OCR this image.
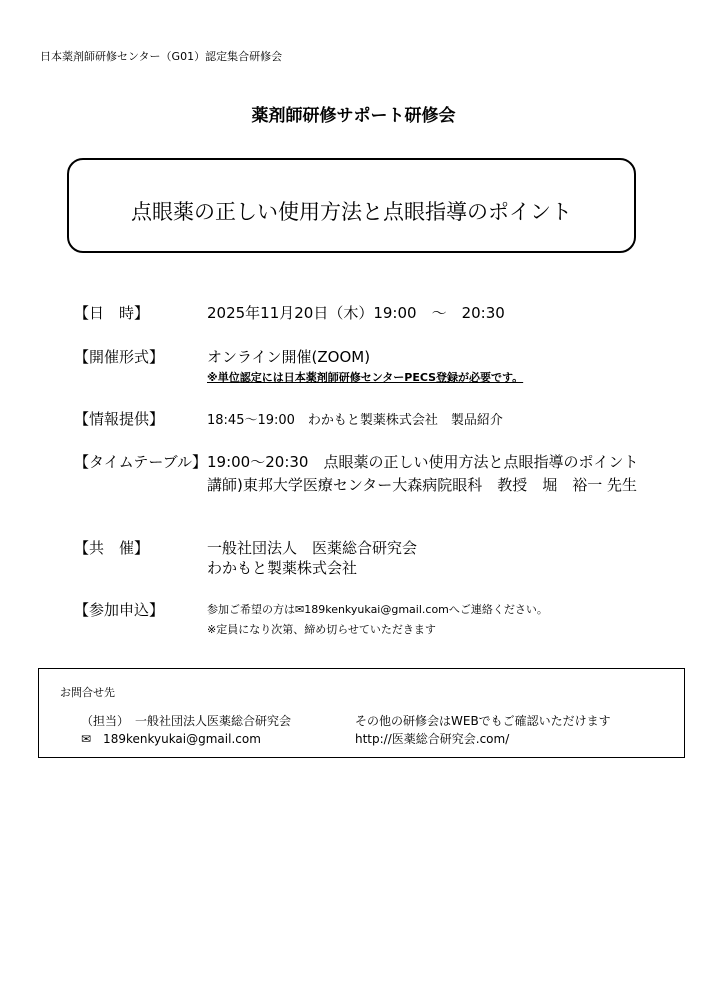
日本薬剤師研修センター（G01）認定集合研修会
薬剤師研修サポート研修会
点眼薬の正しい使用方法と点眼指導のポイント
【日　時】	2025年11月20日（木）19:00　～　20:30
【開催形式】	オンライン開催(ZOOM)
※単位認定には日本薬剤師研修センターPECS登録が必要です。
【情報提供】	18:45～19:00　わかもと製薬株式会社　製品紹介
【タイムテーブル】 19:00～20:30　点眼薬の正しい使用方法と点眼指導のポイント
講師)東邦大学医療センター大森病院眼科　教授　堀　裕一 先生
【共　催】	一般社団法人　医薬総合研究会
わかもと製薬株式会社
【参加申込】	参加ご希望の方は✉189kenkyukai@gmail.comへご連絡ください。
※定員になり次第、締め切らせていただきます
お問合せ先
（担当）　一般社団法人医薬総合研究会
✉　189kenkyukai@gmail.com
その他の研修会はWEBでもご確認いただけます
http://医薬総合研究会.com/
